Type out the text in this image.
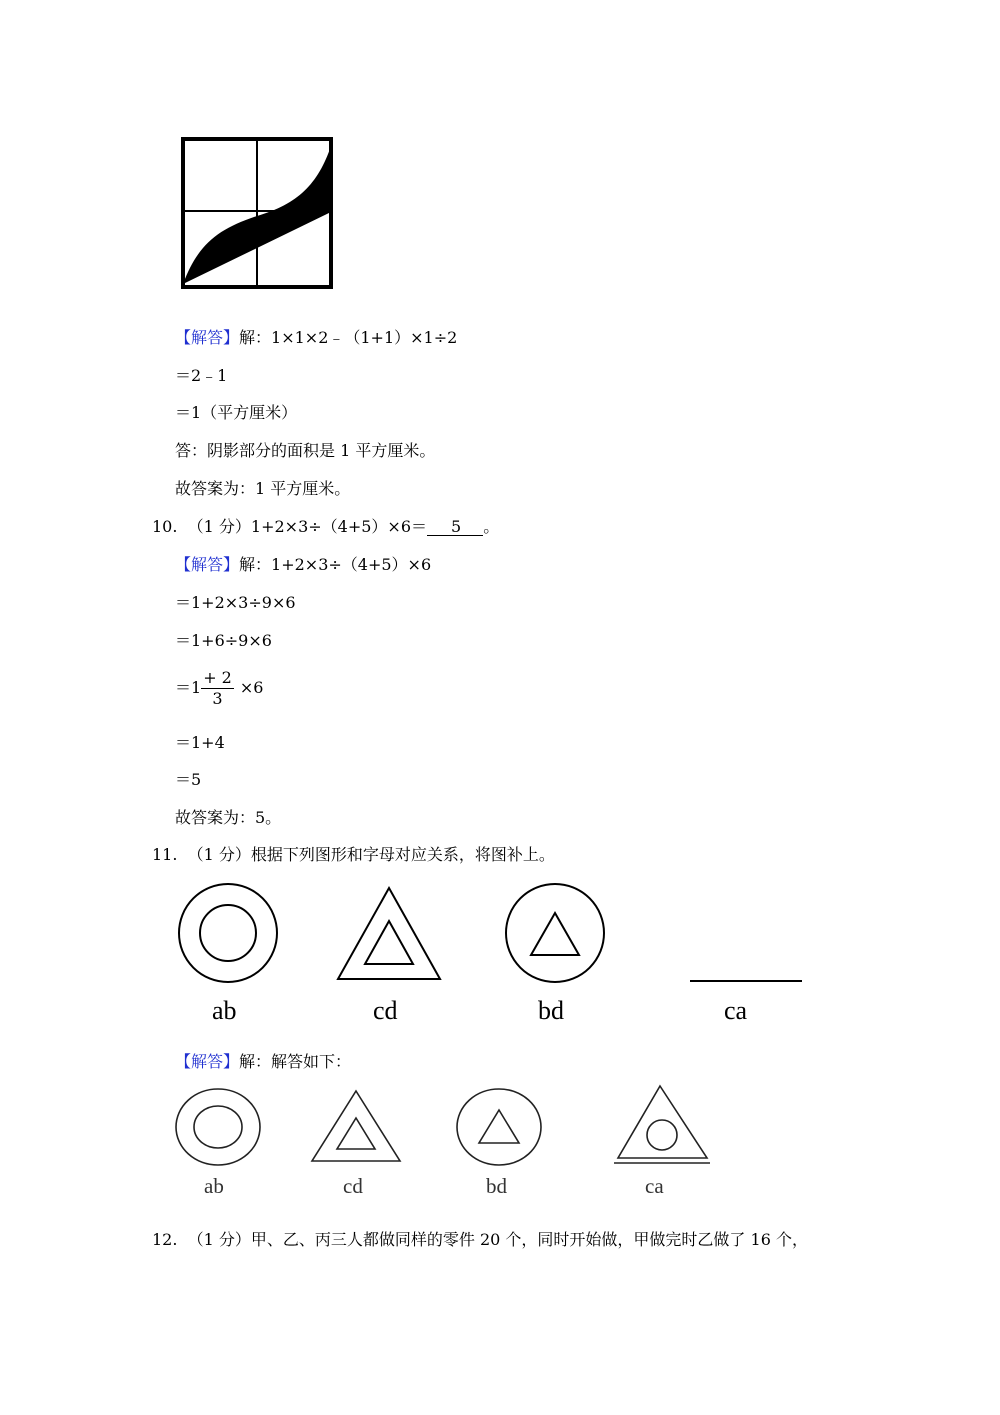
【解答】解：1×1×2﹣（1+1）×1÷2
＝2﹣1
＝1（平方厘米）
答：阴影部分的面积是 1 平方厘米。
故答案为：1 平方厘米。
10. （1 分）1+2×3÷（4+5）×6＝ 5 。
【解答】解：1+2×3÷（4+5）×6
＝1+2×3÷9×6
＝1+6÷9×6
$=1 \frac{+ 2}{3} \times 6$
＝1+4
＝5
故答案为：5。
11. （1 分）根据下列图形和字母对应关系，将图补上。
ab	cd	bd	ca
【解答】解：解答如下：
ab	cd	bd	ca
12. （1 分）甲、乙、丙三人都做同样的零件 20 个，同时开始做，甲做完时乙做了 16 个，
